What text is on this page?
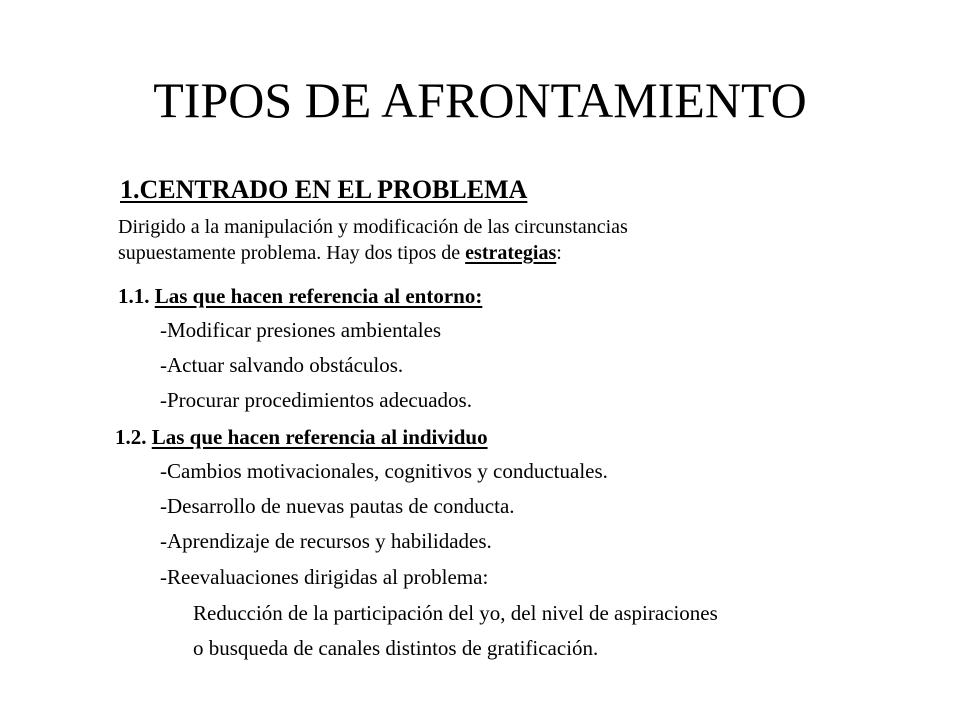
TIPOS DE AFRONTAMIENTO
1.CENTRADO EN EL PROBLEMA
Dirigido a la manipulación y modificación de las circunstancias
supuestamente problema. Hay dos tipos de estrategias:
1.1. Las que hacen referencia al entorno:
-Modificar presiones ambientales
-Actuar salvando obstáculos.
-Procurar procedimientos adecuados.
1.2. Las que hacen referencia al individuo
-Cambios motivacionales, cognitivos y conductuales.
-Desarrollo de nuevas pautas de conducta.
-Aprendizaje de recursos y habilidades.
-Reevaluaciones dirigidas al problema:
Reducción de la participación del yo, del nivel de aspiraciones
o busqueda de canales distintos de gratificación.
